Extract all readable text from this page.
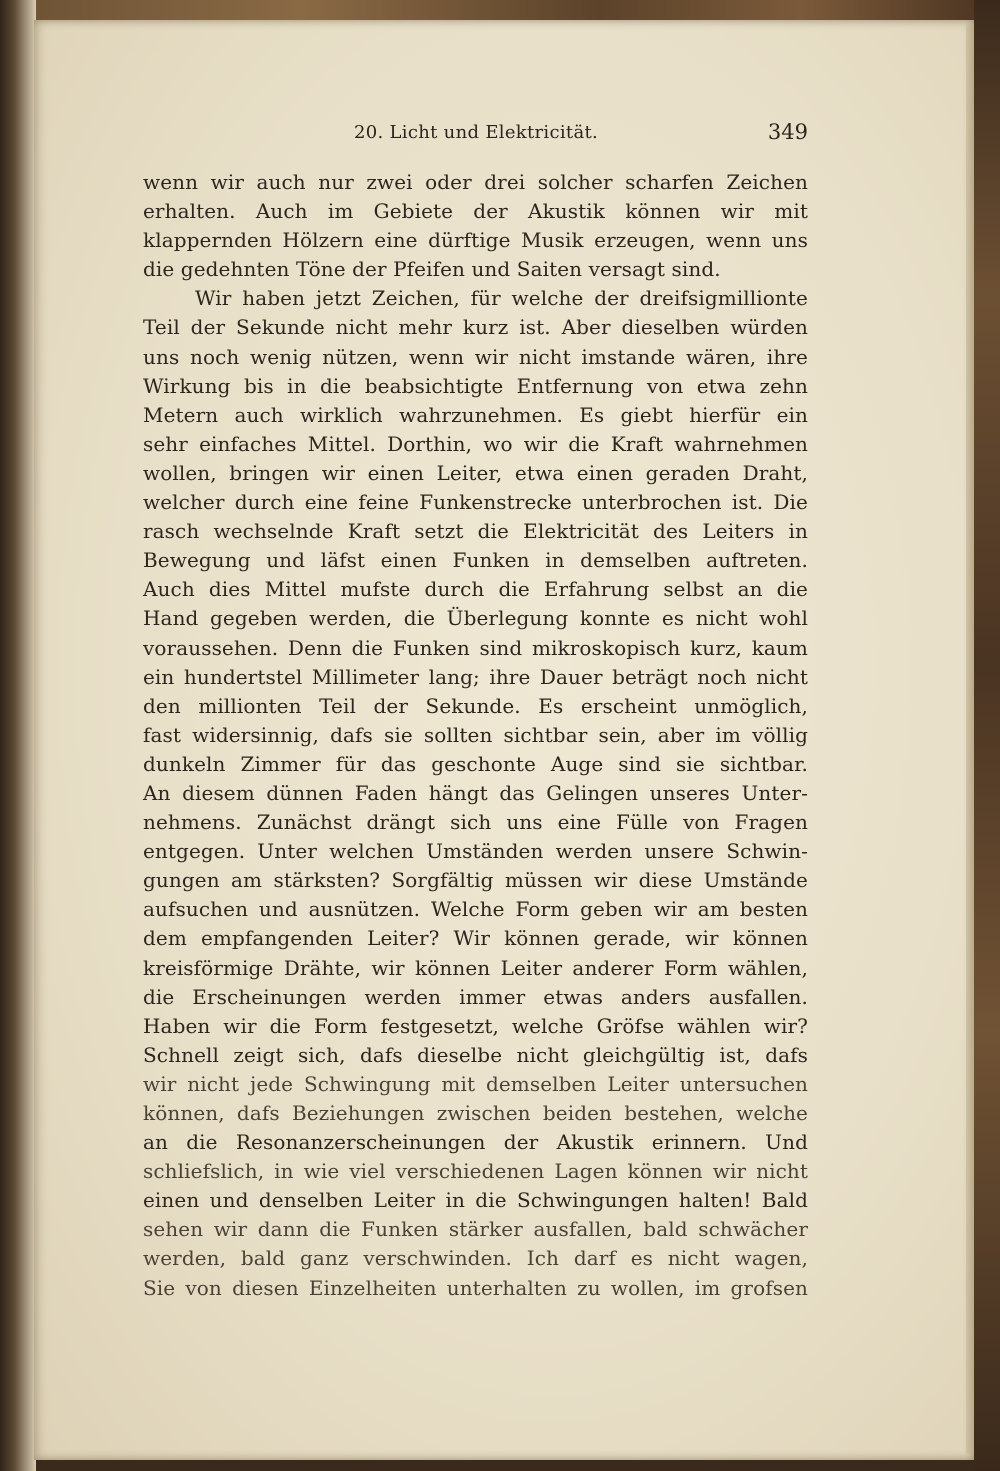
20. Licht und Elektricität.	349
wenn wir auch nur zwei oder drei solcher scharfen Zeichen
erhalten. Auch im Gebiete der Akustik können wir mit
klappernden Hölzern eine dürftige Musik erzeugen, wenn uns
die gedehnten Töne der Pfeifen und Saiten versagt sind.
Wir haben jetzt Zeichen, für welche der dreifsigmillionte
Teil der Sekunde nicht mehr kurz ist. Aber dieselben würden
uns noch wenig nützen, wenn wir nicht imstande wären, ihre
Wirkung bis in die beabsichtigte Entfernung von etwa zehn
Metern auch wirklich wahrzunehmen. Es giebt hierfür ein
sehr einfaches Mittel. Dorthin, wo wir die Kraft wahrnehmen
wollen, bringen wir einen Leiter, etwa einen geraden Draht,
welcher durch eine feine Funkenstrecke unterbrochen ist. Die
rasch wechselnde Kraft setzt die Elektricität des Leiters in
Bewegung und läfst einen Funken in demselben auftreten.
Auch dies Mittel mufste durch die Erfahrung selbst an die
Hand gegeben werden, die Überlegung konnte es nicht wohl
voraussehen. Denn die Funken sind mikroskopisch kurz, kaum
ein hundertstel Millimeter lang; ihre Dauer beträgt noch nicht
den millionten Teil der Sekunde. Es erscheint unmöglich,
fast widersinnig, dafs sie sollten sichtbar sein, aber im völlig
dunkeln Zimmer für das geschonte Auge sind sie sichtbar.
An diesem dünnen Faden hängt das Gelingen unseres Unter-
nehmens. Zunächst drängt sich uns eine Fülle von Fragen
entgegen. Unter welchen Umständen werden unsere Schwin-
gungen am stärksten? Sorgfältig müssen wir diese Umstände
aufsuchen und ausnützen. Welche Form geben wir am besten
dem empfangenden Leiter? Wir können gerade, wir können
kreisförmige Drähte, wir können Leiter anderer Form wählen,
die Erscheinungen werden immer etwas anders ausfallen.
Haben wir die Form festgesetzt, welche Gröfse wählen wir?
Schnell zeigt sich, dafs dieselbe nicht gleichgültig ist, dafs
wir nicht jede Schwingung mit demselben Leiter untersuchen
können, dafs Beziehungen zwischen beiden bestehen, welche
an die Resonanzerscheinungen der Akustik erinnern. Und
schliefslich, in wie viel verschiedenen Lagen können wir nicht
einen und denselben Leiter in die Schwingungen halten! Bald
sehen wir dann die Funken stärker ausfallen, bald schwächer
werden, bald ganz verschwinden. Ich darf es nicht wagen,
Sie von diesen Einzelheiten unterhalten zu wollen, im grofsen
